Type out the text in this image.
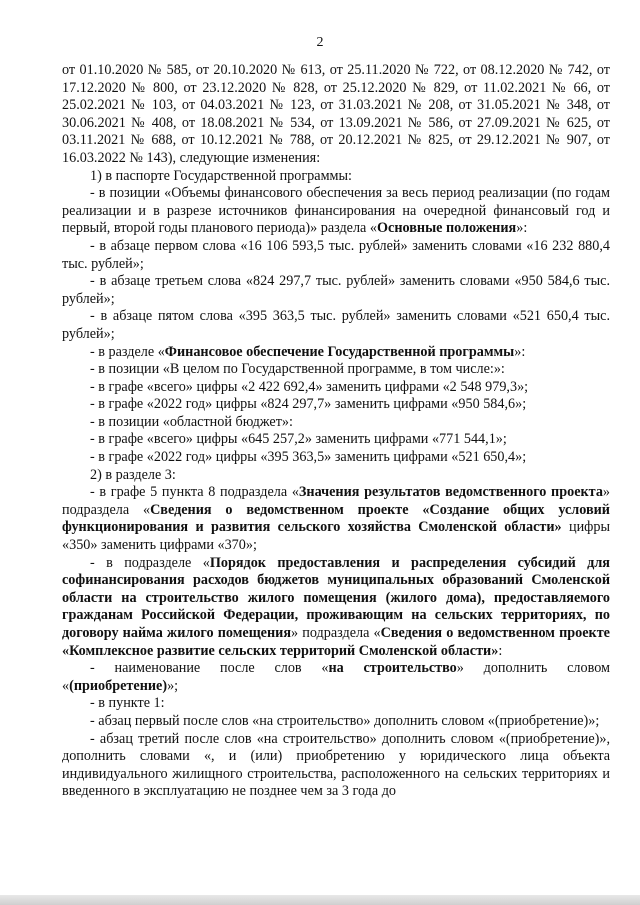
2

от 01.10.2020 № 585, от 20.10.2020 № 613, от 25.11.2020 № 722, от 08.12.2020 № 742, от 17.12.2020 № 800, от 23.12.2020 № 828, от 25.12.2020 № 829, от 11.02.2021 № 66, от 25.02.2021 № 103, от 04.03.2021 № 123, от 31.03.2021 № 208, от 31.05.2021 № 348, от 30.06.2021 № 408, от 18.08.2021 № 534, от 13.09.2021 № 586, от 27.09.2021 № 625, от 03.11.2021 № 688, от 10.12.2021 № 788, от 20.12.2021 № 825, от 29.12.2021 № 907, от 16.03.2022 № 143), следующие изменения:

1) в паспорте Государственной программы:

- в позиции «Объемы финансового обеспечения за весь период реализации (по годам реализации и в разрезе источников финансирования на очередной финансовый год и первый, второй годы планового периода)» раздела «Основные положения»:

- в абзаце первом слова «16 106 593,5 тыс. рублей» заменить словами «16 232 880,4 тыс. рублей»;

- в абзаце третьем слова «824 297,7 тыс. рублей» заменить словами «950 584,6 тыс. рублей»;

- в абзаце пятом слова «395 363,5 тыс. рублей» заменить словами «521 650,4 тыс. рублей»;

- в разделе «Финансовое обеспечение Государственной программы»:

- в позиции «В целом по Государственной программе, в том числе:»:

- в графе «всего» цифры «2 422 692,4» заменить цифрами «2 548 979,3»;

- в графе «2022 год» цифры «824 297,7» заменить цифрами «950 584,6»;

- в позиции «областной бюджет»:

- в графе «всего» цифры «645 257,2» заменить цифрами «771 544,1»;

- в графе «2022 год» цифры «395 363,5» заменить цифрами «521 650,4»;

2) в разделе 3:

- в графе 5 пункта 8 подраздела «Значения результатов ведомственного проекта» подраздела «Сведения о ведомственном проекте «Создание общих условий функционирования и развития сельского хозяйства Смоленской области» цифры «350» заменить цифрами «370»;

- в подразделе «Порядок предоставления и распределения субсидий для софинансирования расходов бюджетов муниципальных образований Смоленской области на строительство жилого помещения (жилого дома), предоставляемого гражданам Российской Федерации, проживающим на сельских территориях, по договору найма жилого помещения» подраздела «Сведения о ведомственном проекте «Комплексное развитие сельских территорий Смоленской области»:

- наименование после слов «на строительство» дополнить словом «(приобретение)»;

- в пункте 1:

- абзац первый после слов «на строительство» дополнить словом «(приобретение)»;

- абзац третий после слов «на строительство» дополнить словом «(приобретение)», дополнить словами «, и (или) приобретению у юридического лица объекта индивидуального жилищного строительства, расположенного на сельских территориях и введенного в эксплуатацию не позднее чем за 3 года до
